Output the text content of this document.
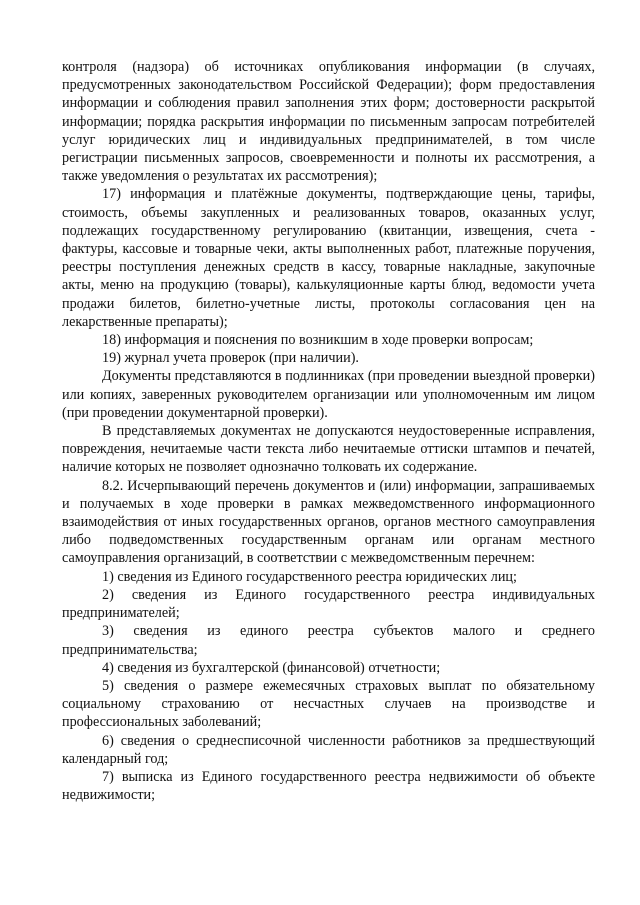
контроля (надзора) об источниках опубликования информации (в случаях, предусмотренных законодательством Российской Федерации); форм предоставления информации и соблюдения правил заполнения этих форм; достоверности раскрытой информации; порядка раскрытия информации по письменным запросам потребителей услуг юридических лиц и индивидуальных предпринимателей, в том числе регистрации письменных запросов, своевременности и полноты их рассмотрения, а также уведомления о результатах их рассмотрения);

17) информация и платёжные документы, подтверждающие цены, тарифы, стоимость, объемы закупленных и реализованных товаров, оказанных услуг, подлежащих государственному регулированию (квитанции, извещения, счета - фактуры, кассовые и товарные чеки, акты выполненных работ, платежные поручения, реестры поступления денежных средств в кассу, товарные накладные, закупочные акты, меню на продукцию (товары), калькуляционные карты блюд, ведомости учета продажи билетов, билетно-учетные листы, протоколы согласования цен на лекарственные препараты);

18) информация и пояснения по возникшим в ходе проверки вопросам;

19) журнал учета проверок (при наличии).

Документы представляются в подлинниках (при проведении выездной проверки) или копиях, заверенных руководителем организации или уполномоченным им лицом (при проведении документарной проверки).

В представляемых документах не допускаются неудостоверенные исправления, повреждения, нечитаемые части текста либо нечитаемые оттиски штампов и печатей, наличие которых не позволяет однозначно толковать их содержание.

8.2. Исчерпывающий перечень документов и (или) информации, запрашиваемых и получаемых в ходе проверки в рамках межведомственного информационного взаимодействия от иных государственных органов, органов местного самоуправления либо подведомственных государственным органам или органам местного самоуправления организаций, в соответствии с межведомственным перечнем:

1) сведения из Единого государственного реестра юридических лиц;

2) сведения из Единого государственного реестра индивидуальных предпринимателей;

3) сведения из единого реестра субъектов малого и среднего предпринимательства;

4) сведения из бухгалтерской (финансовой) отчетности;

5) сведения о размере ежемесячных страховых выплат по обязательному социальному страхованию от несчастных случаев на производстве и профессиональных заболеваний;

6) сведения о среднесписочной численности работников за предшествующий календарный год;

7) выписка из Единого государственного реестра недвижимости об объекте недвижимости;
